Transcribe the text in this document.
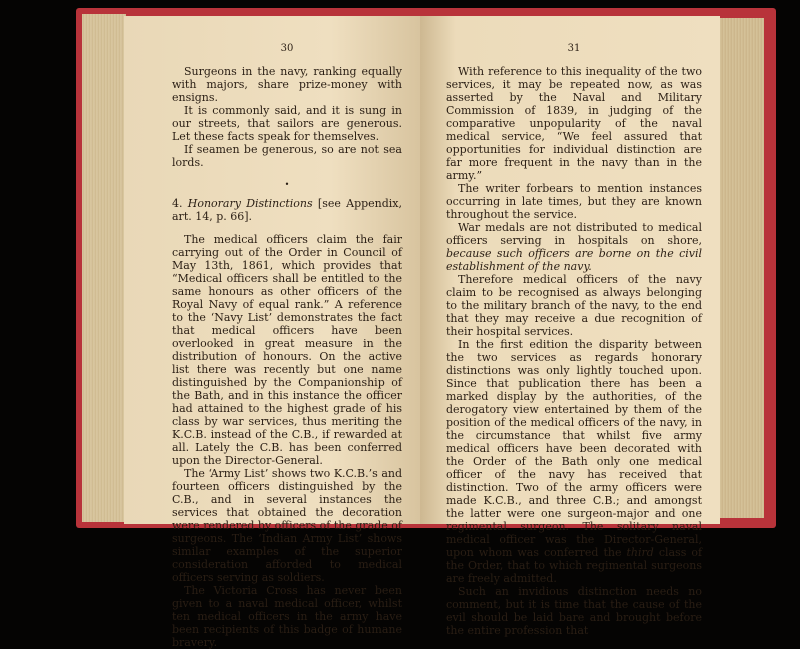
30

Surgeons in the navy, ranking equally with majors, share prize-money with ensigns.

It is commonly said, and it is sung in our streets, that sailors are generous. Let these facts speak for themselves.

If seamen be generous, so are not sea lords.

•

4. Honorary Distinctions [see Appendix, art. 14, p. 66].

The medical officers claim the fair carrying out of the Order in Council of May 13th, 1861, which provides that “Medical officers shall be entitled to the same honours as other officers of the Royal Navy of equal rank.” A reference to the ‘Navy List’ demonstrates the fact that medical officers have been overlooked in great measure in the distribution of honours. On the active list there was recently but one name distinguished by the Companionship of the Bath, and in this instance the officer had attained to the highest grade of his class by war services, thus meriting the K.C.B. instead of the C.B., if rewarded at all. Lately the C.B. has been conferred upon the Director-General.

The ‘Army List’ shows two K.C.B.’s and fourteen officers distinguished by the C.B., and in several instances the services that obtained the decoration were rendered by officers of the grade of surgeons. The ‘Indian Army List’ shows similar examples of the superior consideration afforded to medical officers serving as soldiers.

The Victoria Cross has never been given to a naval medical officer, whilst ten medical officers in the army have been recipients of this badge of humane bravery.

31

With reference to this inequality of the two services, it may be repeated now, as was asserted by the Naval and Military Commission of 1839, in judging of the comparative unpopularity of the naval medical service, “We feel assured that opportunities for individual distinction are far more frequent in the navy than in the army.”

The writer forbears to mention instances occurring in late times, but they are known throughout the service.

War medals are not distributed to medical officers serving in hospitals on shore, because such officers are borne on the civil establishment of the navy.

Therefore medical officers of the navy claim to be recognised as always belonging to the military branch of the navy, to the end that they may receive a due recognition of their hospital services.

In the first edition the disparity between the two services as regards honorary distinctions was only lightly touched upon. Since that publication there has been a marked display by the authorities, of the derogatory view entertained by them of the position of the medical officers of the navy, in the circumstance that whilst five army medical officers have been decorated with the Order of the Bath only one medical officer of the navy has received that distinction. Two of the army officers were made K.C.B., and three C.B.; and amongst the latter were one surgeon-major and one regimental surgeon. The solitary naval medical officer was the Director-General, upon whom was conferred the third class of the Order, that to which regimental surgeons are freely admitted.

Such an invidious distinction needs no comment, but it is time that the cause of the evil should be laid bare and brought before the entire profession that
